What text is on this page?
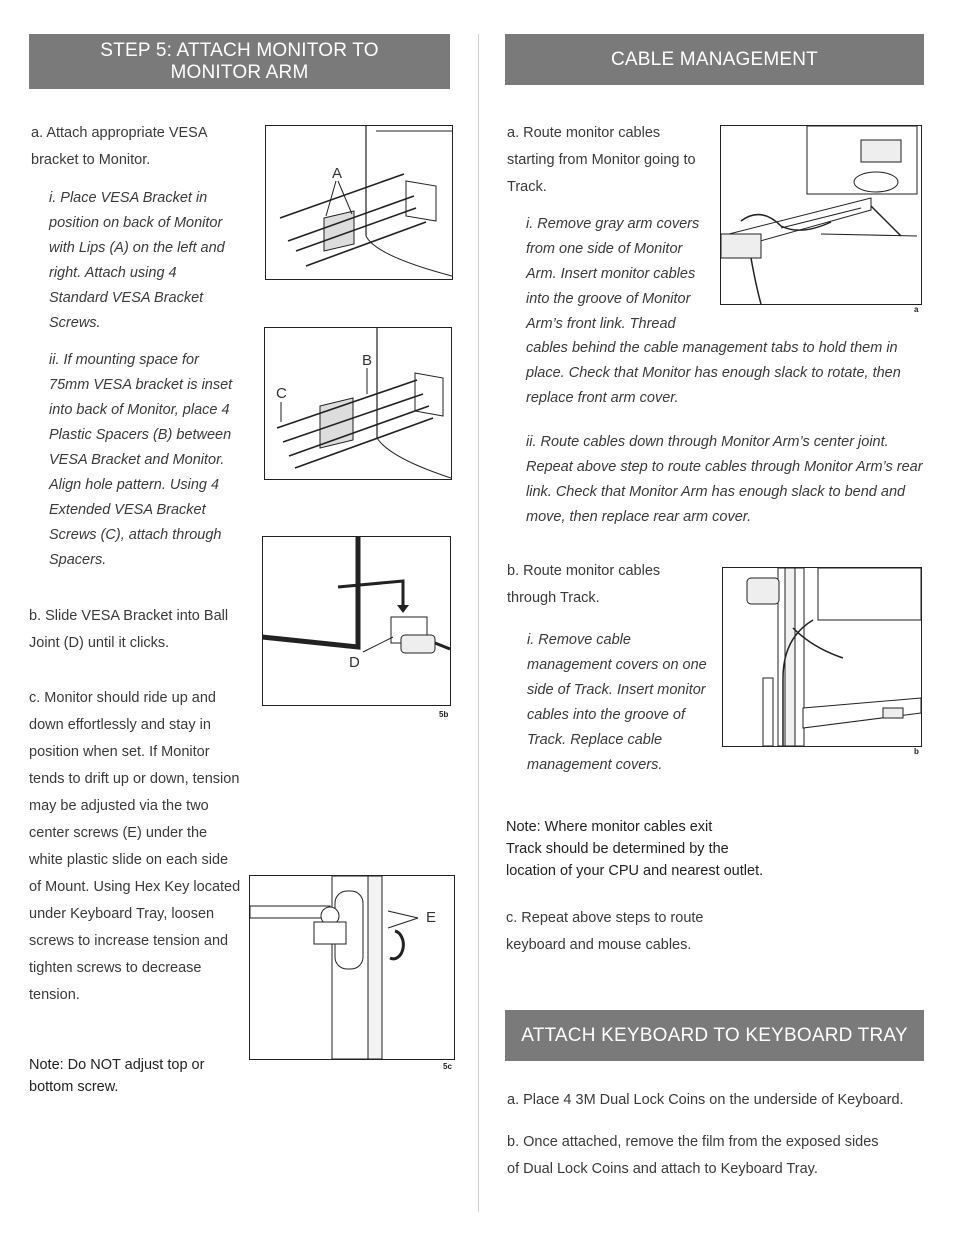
STEP 5: ATTACH MONITOR TO
MONITOR ARM
CABLE MANAGEMENT
ATTACH KEYBOARD TO KEYBOARD TRAY

a. Attach appropriate VESA bracket to Monitor.

i. Place VESA Bracket in position on back of Monitor with Lips (A) on the left and right. Attach using 4 Standard VESA Bracket Screws.

ii. If mounting space for 75mm VESA bracket is inset into back of Monitor, place 4 Plastic Spacers (B) between VESA Bracket and Monitor. Align hole pattern. Using 4 Extended VESA Bracket Screws (C), attach through Spacers.

b. Slide VESA Bracket into Ball Joint (D) until it clicks.

c. Monitor should ride up and down effortlessly and stay in position when set. If Monitor tends to drift up or down, tension may be adjusted via the two center screws (E) under the white plastic slide on each side of Mount. Using Hex Key located under Keyboard Tray, loosen screws to increase tension and tighten screws to decrease tension.

Note: Do NOT adjust top or bottom screw.

A
B
C
D
5b
E
5c

a. Route monitor cables starting from Monitor going to Track.

i. Remove gray arm covers from one side of Monitor Arm. Insert monitor cables into the groove of Monitor Arm’s front link. Thread

cables behind the cable management tabs to hold them in place. Check that Monitor has enough slack to rotate, then replace front arm cover.

ii. Route cables down through Monitor Arm’s center joint. Repeat above step to route cables through Monitor Arm’s rear link. Check that Monitor Arm has enough slack to bend and move, then replace rear arm cover.

b. Route monitor cables through Track.

i. Remove cable management covers on one side of Track. Insert monitor cables into the groove of Track. Replace cable management covers.

Note: Where monitor cables exit
Track should be determined by the
location of your CPU and nearest outlet.

c. Repeat above steps to route keyboard and mouse cables.

a
b

a. Place 4 3M Dual Lock Coins on the underside of Keyboard.

b. Once attached, remove the film from the exposed sides of Dual Lock Coins and attach to Keyboard Tray.
